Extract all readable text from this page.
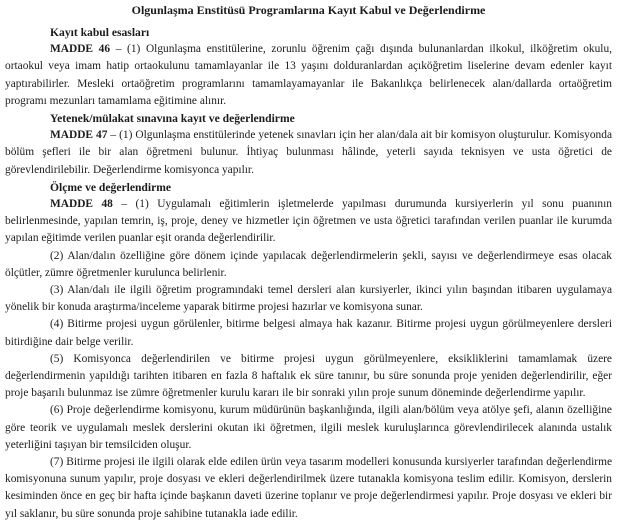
Olgunlaşma Enstitüsü Programlarına Kayıt Kabul ve Değerlendirme
Kayıt kabul esasları

MADDE 46 – (1) Olgunlaşma enstitülerine, zorunlu öğrenim çağı dışında bulunanlardan ilkokul, ilköğretim okulu, ortaokul veya imam hatip ortaokulunu tamamlayanlar ile 13 yaşını dolduranlardan açıköğretim liselerine devam edenler kayıt yaptırabilirler. Mesleki ortaöğretim programlarını tamamlayamayanlar ile Bakanlıkça belirlenecek alan/dallarda ortaöğretim programı mezunları tamamlama eğitimine alınır.

Yetenek/mülakat sınavına kayıt ve değerlendirme

MADDE 47 – (1) Olgunlaşma enstitülerinde yetenek sınavları için her alan/dala ait bir komisyon oluşturulur. Komisyonda bölüm şefleri ile bir alan öğretmeni bulunur. İhtiyaç bulunması hâlinde, yeterli sayıda teknisyen ve usta öğretici de görevlendirilebilir. Değerlendirme komisyonca yapılır.

Ölçme ve değerlendirme

MADDE 48 – (1) Uygulamalı eğitimlerin işletmelerde yapılması durumunda kursiyerlerin yıl sonu puanının belirlenmesinde, yapılan temrin, iş, proje, deney ve hizmetler için öğretmen ve usta öğretici tarafından verilen puanlar ile kurumda yapılan eğitimde verilen puanlar eşit oranda değerlendirilir.

(2) Alan/dalın özelliğine göre dönem içinde yapılacak değerlendirmelerin şekli, sayısı ve değerlendirmeye esas olacak ölçütler, zümre öğretmenler kurulunca belirlenir.

(3) Alan/dalı ile ilgili öğretim programındaki temel dersleri alan kursiyerler, ikinci yılın başından itibaren uygulamaya yönelik bir konuda araştırma/inceleme yaparak bitirme projesi hazırlar ve komisyona sunar.

(4) Bitirme projesi uygun görülenler, bitirme belgesi almaya hak kazanır. Bitirme projesi uygun görülmeyenlere dersleri bitirdiğine dair belge verilir.

(5) Komisyonca değerlendirilen ve bitirme projesi uygun görülmeyenlere, eksikliklerini tamamlamak üzere değerlendirmenin yapıldığı tarihten itibaren en fazla 8 haftalık ek süre tanınır, bu süre sonunda proje yeniden değerlendirilir, eğer proje başarılı bulunmaz ise zümre öğretmenler kurulu kararı ile bir sonraki yılın proje sunum döneminde değerlendirme yapılır.

(6) Proje değerlendirme komisyonu, kurum müdürünün başkanlığında, ilgili alan/bölüm veya atölye şefi, alanın özelliğine göre teorik ve uygulamalı meslek derslerini okutan iki öğretmen, ilgili meslek kuruluşlarınca görevlendirilecek alanında ustalık yeterliğini taşıyan bir temsilciden oluşur.

(7) Bitirme projesi ile ilgili olarak elde edilen ürün veya tasarım modelleri konusunda kursiyerler tarafından değerlendirme komisyonuna sunum yapılır, proje dosyası ve ekleri değerlendirilmek üzere tutanakla komisyona teslim edilir. Komisyon, derslerin kesiminden önce en geç bir hafta içinde başkanın daveti üzerine toplanır ve proje değerlendirmesi yapılır. Proje dosyası ve ekleri bir yıl saklanır, bu süre sonunda proje sahibine tutanakla iade edilir.
